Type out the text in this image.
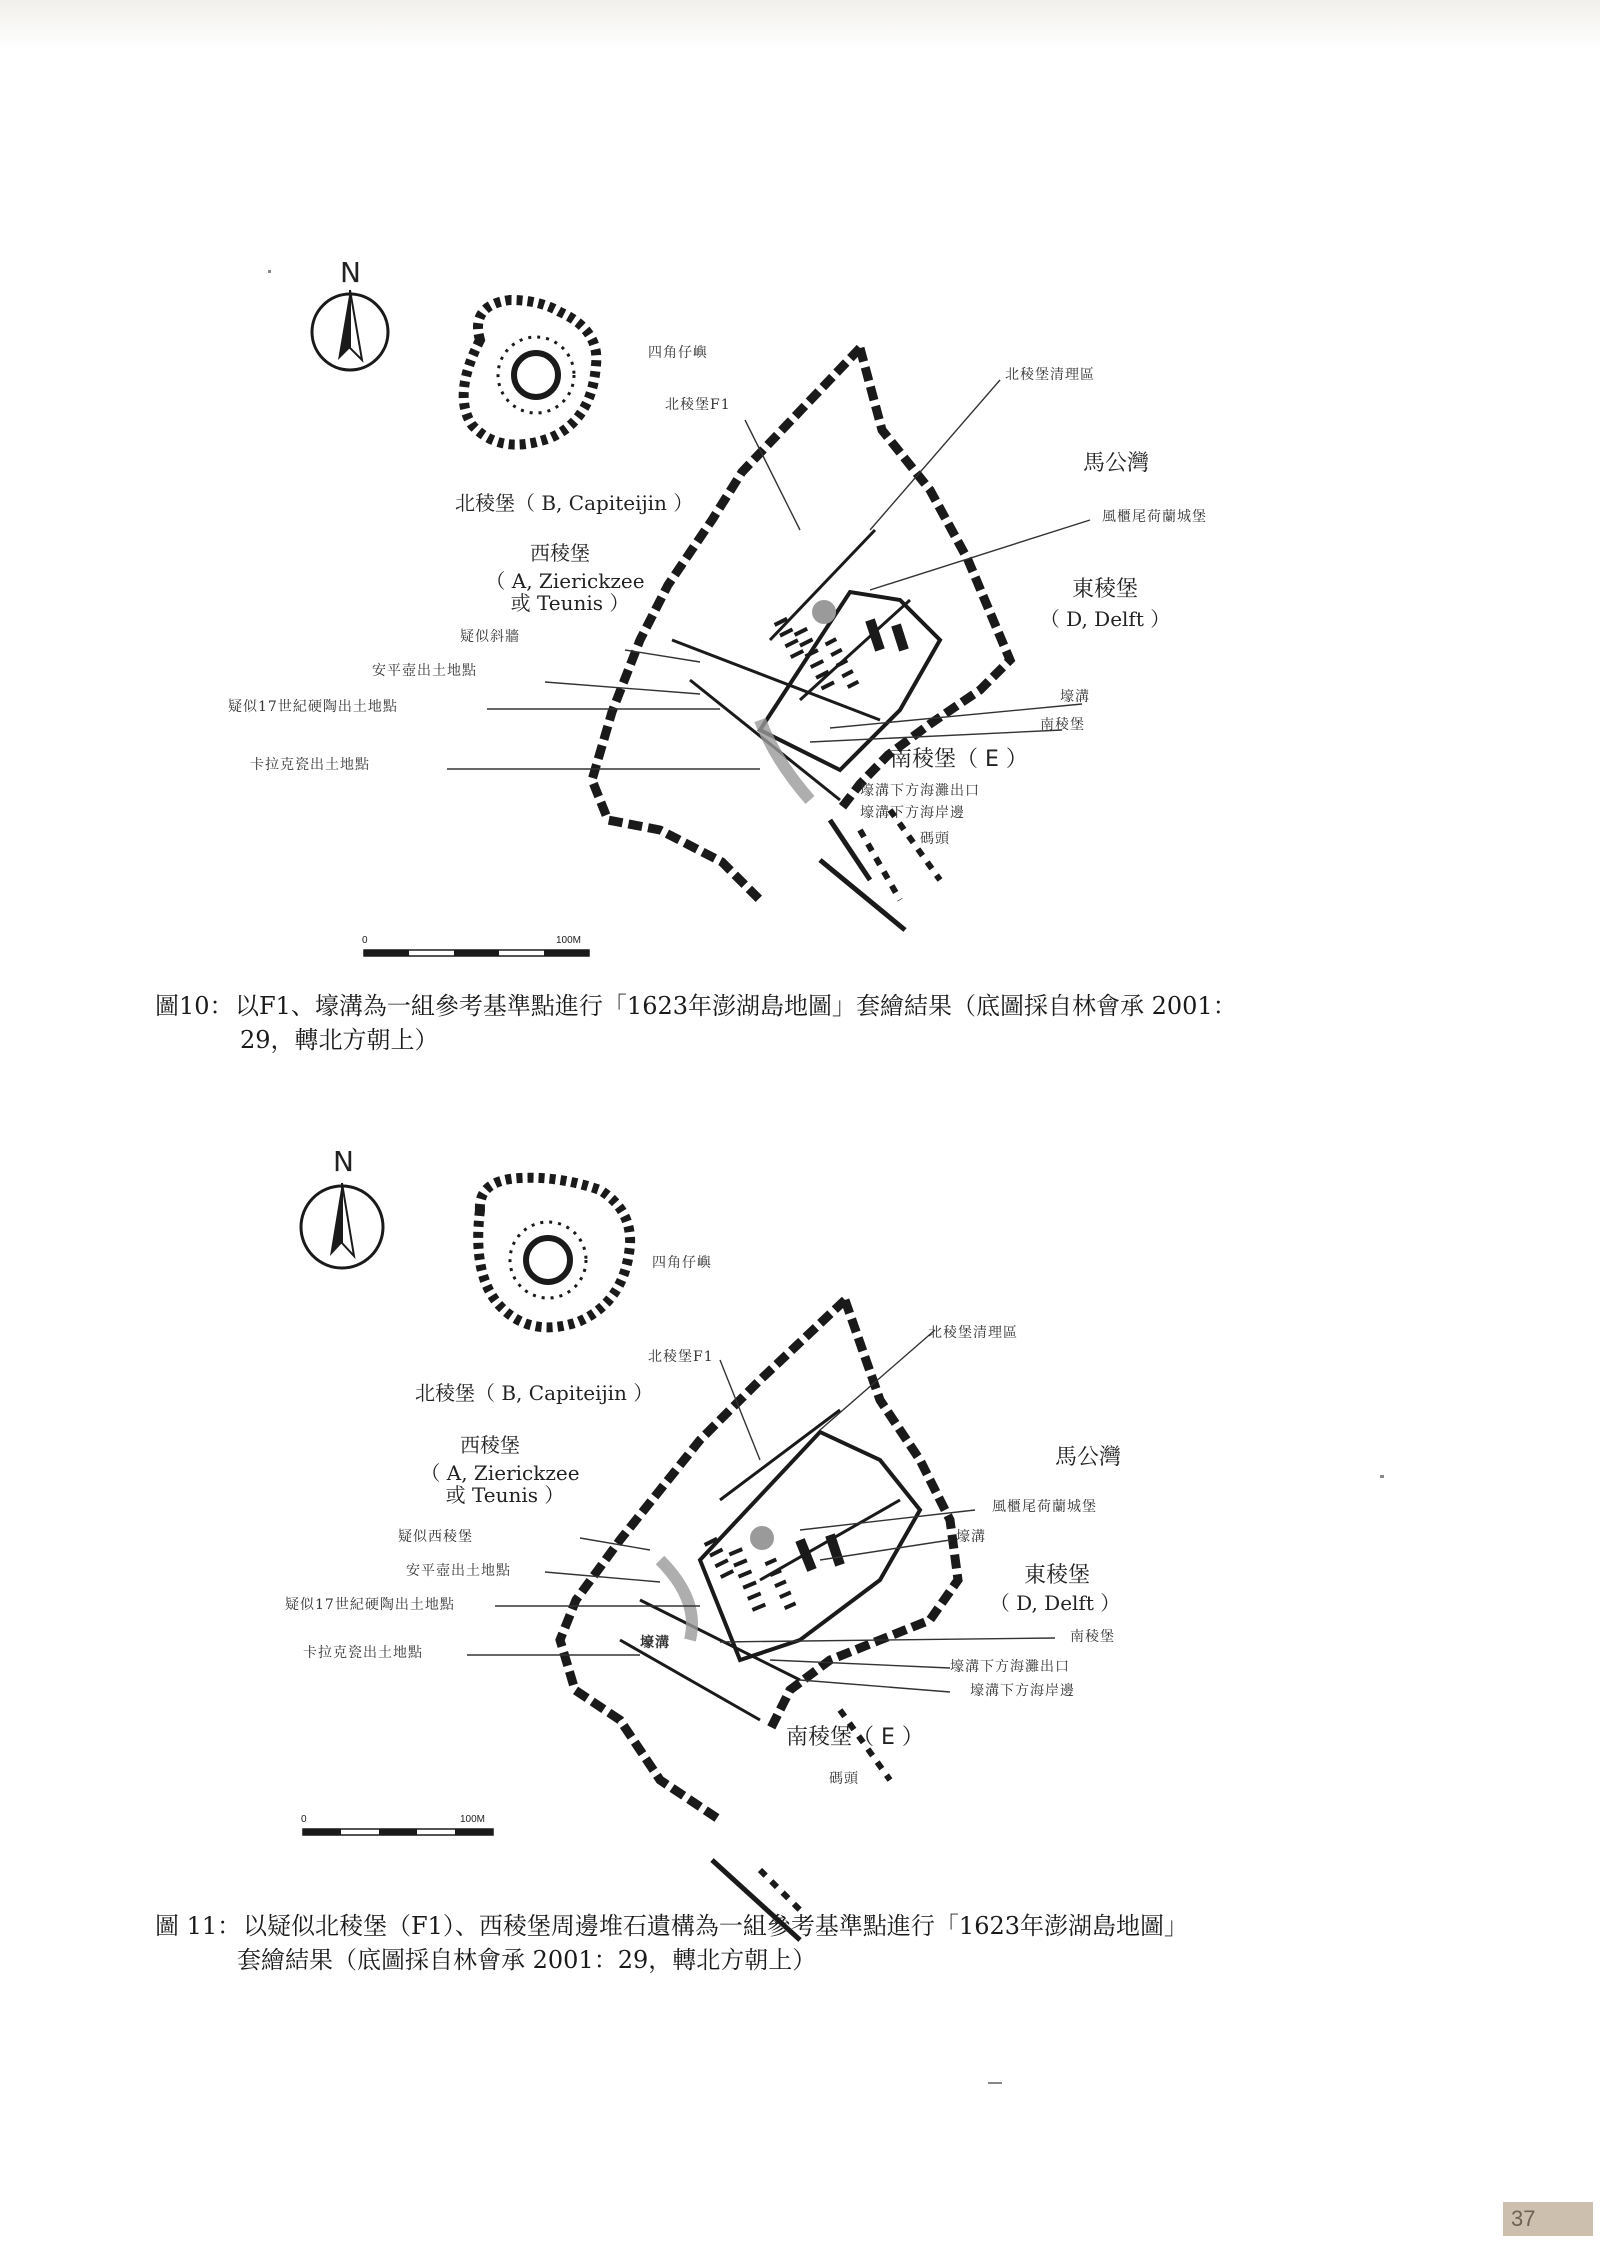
N
四角仔嶼
北稜堡F1
北稜堡清理區
馬公灣
北稜堡（ B, Capiteijin ）
風櫃尾荷蘭城堡
西稜堡
（ A, Zierickzee
或 Teunis ）
東稜堡
（ D, Delft ）
疑似斜牆
安平壺出土地點
疑似17世紀硬陶出土地點
壕溝
南稜堡
卡拉克瓷出土地點	南稜堡（ E ）
壕溝下方海灘出口
壕溝下方海岸邊
碼頭
0	100M
圖10： 以F1、壕溝為一組參考基準點進行「1623年澎湖島地圖」套繪結果（底圖採自林會承 2001：
29，轉北方朝上）
N
四角仔嶼
北稜堡F1
北稜堡清理區
北稜堡（ B, Capiteijin ）
馬公灣
西稜堡
（ A, Zierickzee
或 Teunis ）	風櫃尾荷蘭城堡
疑似西稜堡	壕溝
東稜堡
（ D, Delft ）
安平壺出土地點
疑似17世紀硬陶出土地點
卡拉克瓷出土地點
壕溝	南稜堡
壕溝下方海灘出口
壕溝下方海岸邊
南稜堡（ E ）
碼頭
0	100M
圖 11： 以疑似北稜堡（F1）、西稜堡周邊堆石遺構為一組參考基準點進行「1623年澎湖島地圖」
套繪結果（底圖採自林會承 2001：29，轉北方朝上）
37
